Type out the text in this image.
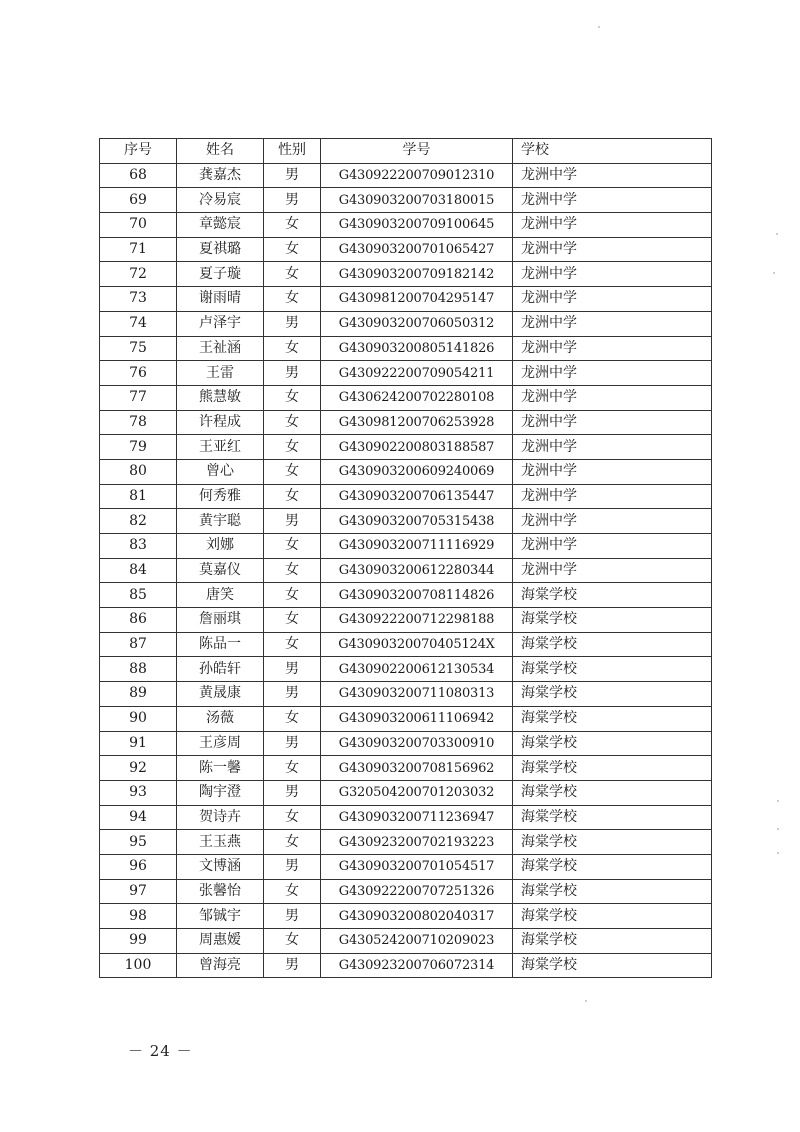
序号	姓名	性别	学号	学校
68	龚嘉杰	男	G430922200709012310	龙洲中学
69	冷易宸	男	G430903200703180015	龙洲中学
70	章懿宸	女	G430903200709100645	龙洲中学
71	夏祺璐	女	G430903200701065427	龙洲中学
72	夏子璇	女	G430903200709182142	龙洲中学
73	谢雨晴	女	G430981200704295147	龙洲中学
74	卢泽宇	男	G430903200706050312	龙洲中学
75	王祉涵	女	G430903200805141826	龙洲中学
76	王雷	男	G430922200709054211	龙洲中学
77	熊慧敏	女	G430624200702280108	龙洲中学
78	许程成	女	G430981200706253928	龙洲中学
79	王亚红	女	G430902200803188587	龙洲中学
80	曾心	女	G430903200609240069	龙洲中学
81	何秀雅	女	G430903200706135447	龙洲中学
82	黄宇聪	男	G430903200705315438	龙洲中学
83	刘娜	女	G430903200711116929	龙洲中学
84	莫嘉仪	女	G430903200612280344	龙洲中学
85	唐笑	女	G430903200708114826	海棠学校
86	詹丽琪	女	G430922200712298188	海棠学校
87	陈品一	女	G43090320070405124X	海棠学校
88	孙皓轩	男	G430902200612130534	海棠学校
89	黄晟康	男	G430903200711080313	海棠学校
90	汤薇	女	G430903200611106942	海棠学校
91	王彦周	男	G430903200703300910	海棠学校
92	陈一馨	女	G430903200708156962	海棠学校
93	陶宇澄	男	G320504200701203032	海棠学校
94	贺诗卉	女	G430903200711236947	海棠学校
95	王玉燕	女	G430923200702193223	海棠学校
96	文博涵	男	G430903200701054517	海棠学校
97	张馨怡	女	G430922200707251326	海棠学校
98	邹铖宇	男	G430903200802040317	海棠学校
99	周惠嫒	女	G430524200710209023	海棠学校
100	曾海亮	男	G430923200706072314	海棠学校
－ 24 －
